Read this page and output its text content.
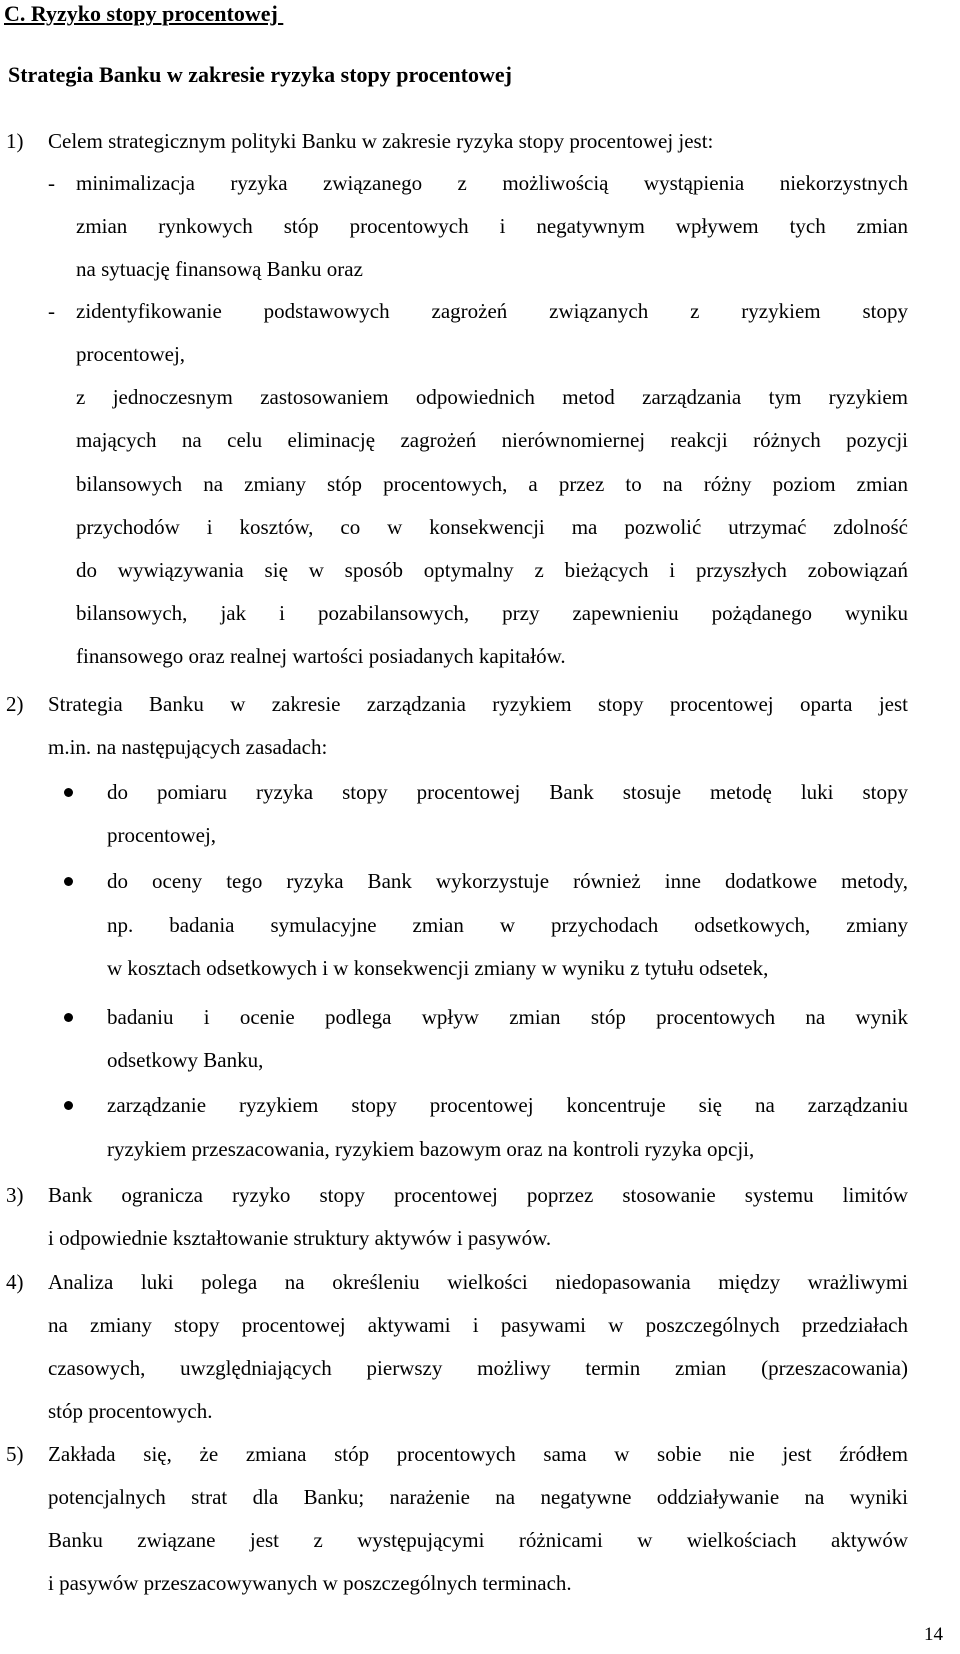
C. Ryzyko stopy procentowej
Strategia Banku w zakresie ryzyka stopy procentowej
1) Celem strategicznym polityki Banku w zakresie ryzyka stopy procentowej jest:
- minimalizacja ryzyka związanego z możliwością wystąpienia niekorzystnych
zmian rynkowych stóp procentowych i negatywnym wpływem tych zmian
na sytuację finansową Banku oraz
- zidentyfikowanie podstawowych zagrożeń związanych z ryzykiem stopy
procentowej,
z jednoczesnym zastosowaniem odpowiednich metod zarządzania tym ryzykiem
mających na celu eliminację zagrożeń nierównomiernej reakcji różnych pozycji
bilansowych na zmiany stóp procentowych, a przez to na różny poziom zmian
przychodów i kosztów, co w konsekwencji ma pozwolić utrzymać zdolność
do wywiązywania się w sposób optymalny z bieżących i przyszłych zobowiązań
bilansowych, jak i pozabilansowych, przy zapewnieniu pożądanego wyniku
finansowego oraz realnej wartości posiadanych kapitałów.
2) Strategia Banku w zakresie zarządzania ryzykiem stopy procentowej oparta jest
m.in. na następujących zasadach:
do pomiaru ryzyka stopy procentowej Bank stosuje metodę luki stopy
procentowej,
do oceny tego ryzyka Bank wykorzystuje również inne dodatkowe metody,
np. badania symulacyjne zmian w przychodach odsetkowych, zmiany
w kosztach odsetkowych i w konsekwencji zmiany w wyniku z tytułu odsetek,
badaniu i ocenie podlega wpływ zmian stóp procentowych na wynik
odsetkowy Banku,
zarządzanie ryzykiem stopy procentowej koncentruje się na zarządzaniu
ryzykiem przeszacowania, ryzykiem bazowym oraz na kontroli ryzyka opcji,
3) Bank ogranicza ryzyko stopy procentowej poprzez stosowanie systemu limitów
i odpowiednie kształtowanie struktury aktywów i pasywów.
4) Analiza luki polega na określeniu wielkości niedopasowania między wrażliwymi
na zmiany stopy procentowej aktywami i pasywami w poszczególnych przedziałach
czasowych, uwzględniających pierwszy możliwy termin zmian (przeszacowania)
stóp procentowych.
5) Zakłada się, że zmiana stóp procentowych sama w sobie nie jest źródłem
potencjalnych strat dla Banku; narażenie na negatywne oddziaływanie na wyniki
Banku związane jest z występującymi różnicami w wielkościach aktywów
i pasywów przeszacowywanych w poszczególnych terminach.
14
